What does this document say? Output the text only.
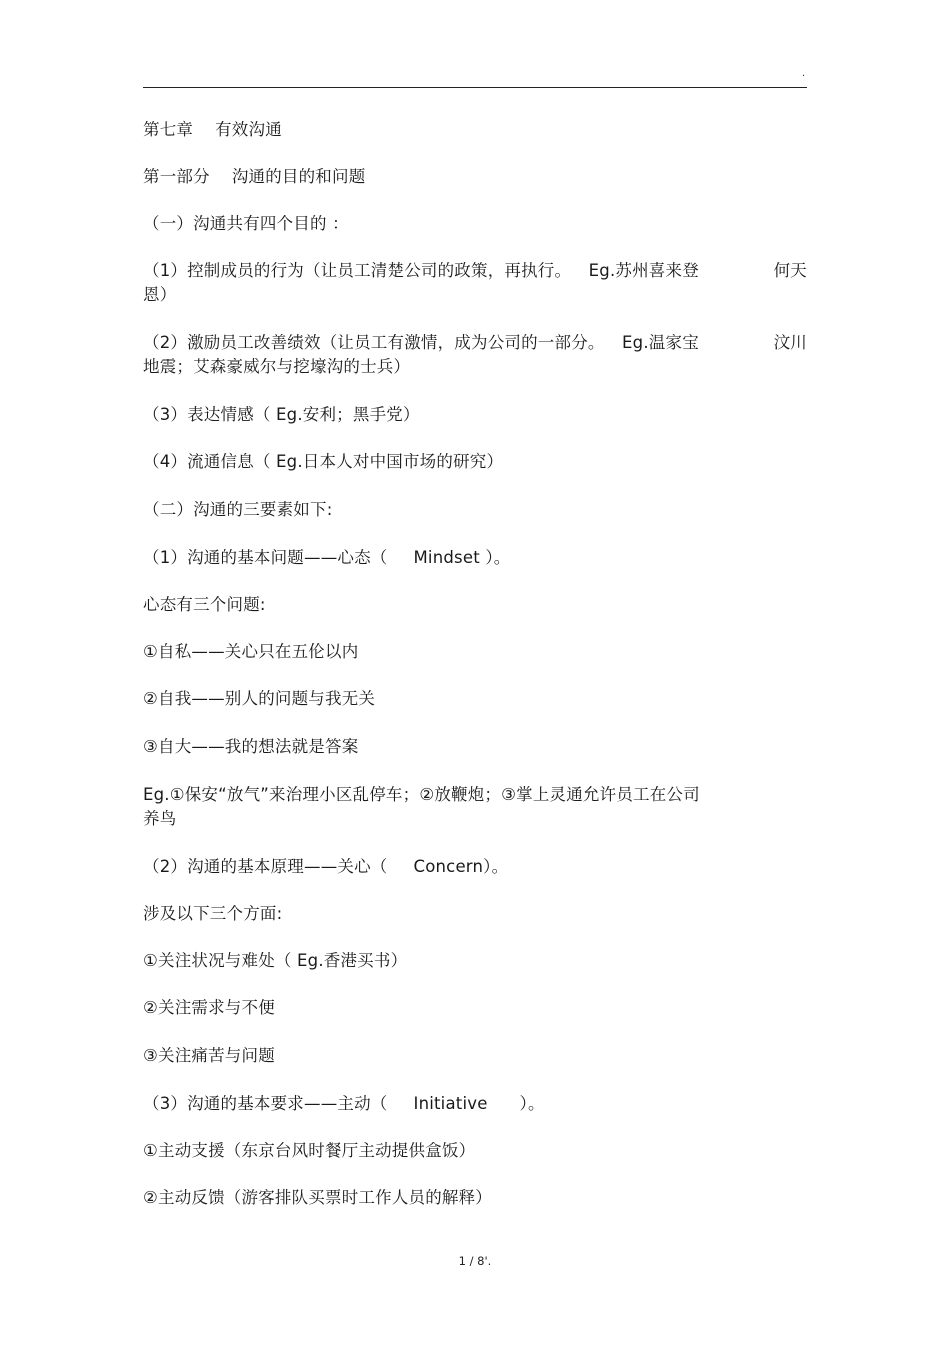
.
第七章 有效沟通
第一部分 沟通的目的和问题
（一）沟通共有四个目的 ：
（1）控制成员的行为（让员工清楚公司的政策，再执行。 Eg.苏州喜来登	何天
恩）
（2）激励员工改善绩效（让员工有激情，成为公司的一部分。 Eg.温家宝	汶川
地震；艾森豪威尔与挖壕沟的士兵）
（3）表达情感（ Eg.安利；黑手党）
（4）流通信息（ Eg.日本人对中国市场的研究）
（二）沟通的三要素如下:
（1）沟通的基本问题——心态（ Mindset ）。
心态有三个问题:
①自私——关心只在五伦以内
②自我——别人的问题与我无关
③自大——我的想法就是答案
Eg.①保安“放气”来治理小区乱停车；②放鞭炮；③掌上灵通允许员工在公司
养鸟
（2）沟通的基本原理——关心（ Concern）。
涉及以下三个方面:
①关注状况与难处（ Eg.香港买书）
②关注需求与不便
③关注痛苦与问题
（3）沟通的基本要求——主动（ Initiative ）。
①主动支援（东京台风时餐厅主动提供盒饭）
②主动反馈（游客排队买票时工作人员的解释）
1 / 8'.
